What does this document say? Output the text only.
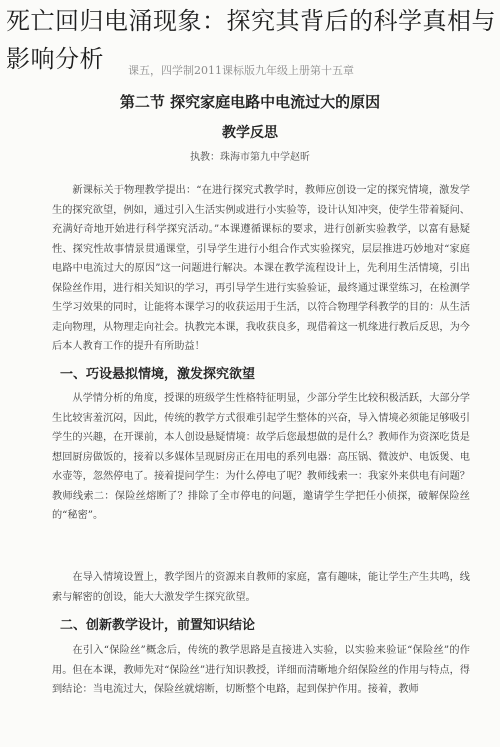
课五，四学制2011课标版九年级上册第十五章
第二节 探究家庭电路中电流过大的原因
教学反思
执教：珠海市第九中学赵昕

新课标关于物理教学提出：“在进行探究式教学时，教师应创设一定的探究情境，激发学生的探究欲望，例如，通过引入生活实例或进行小实验等，设计认知冲突，使学生带着疑问、充满好奇地开始进行科学探究活动。”本课遵循课标的要求，进行创新实验教学，以富有悬疑性、探究性故事情景贯通课堂，引导学生进行小组合作式实验探究，层层推进巧妙地对“家庭电路中电流过大的原因”这一问题进行解决。本课在教学流程设计上，先利用生活情境，引出保险丝作用，进行相关知识的学习，再引导学生进行实验验证，最终通过课堂练习，在检测学生学习效果的同时，让能将本课学习的收获运用于生活，以符合物理学科教学的目的：从生活走向物理，从物理走向社会。执教完本课，我收获良多，现借着这一机缘进行教后反思，为今后本人教育工作的提升有所助益！

一、巧设悬拟情境，激发探究欲望

从学情分析的角度，授课的班级学生性格特征明显，少部分学生比较积极活跃，大部分学生比较害羞沉闷，因此，传统的教学方式很难引起学生整体的兴奋，导入情境必须能足够吸引学生的兴趣，在开课前，本人创设悬疑情境：故学后您最想做的是什么？教师作为资深吃货是想回厨房做饭的，接着以多媒体呈现厨房正在用电的系列电器：高压锅、微波炉、电饭煲、电水壶等，忽然停电了。接着提问学生：为什么停电了呢？教师线索一：我家外来供电有问题？教师线索二：保险丝熔断了？排除了全市停电的问题，邀请学生学把任小侦探，破解保险丝的“秘密”。

在导入情境设置上，教学图片的资源来自教师的家庭，富有趣味，能让学生产生共鸣，线索与解密的创设，能大大激发学生探究欲望。

二、创新教学设计，前置知识结论

在引入“保险丝”概念后，传统的教学思路是直接进入实验，以实验来验证“保险丝”的作用。但在本课，教师先对“保险丝”进行知识教授，详细而清晰地介绍保险丝的作用与特点，得到结论：当电流过大，保险丝就熔断，切断整个电路，起到保护作用。接着，教师

死亡回归电涌现象：探究其背后的科学真相与影响分析
